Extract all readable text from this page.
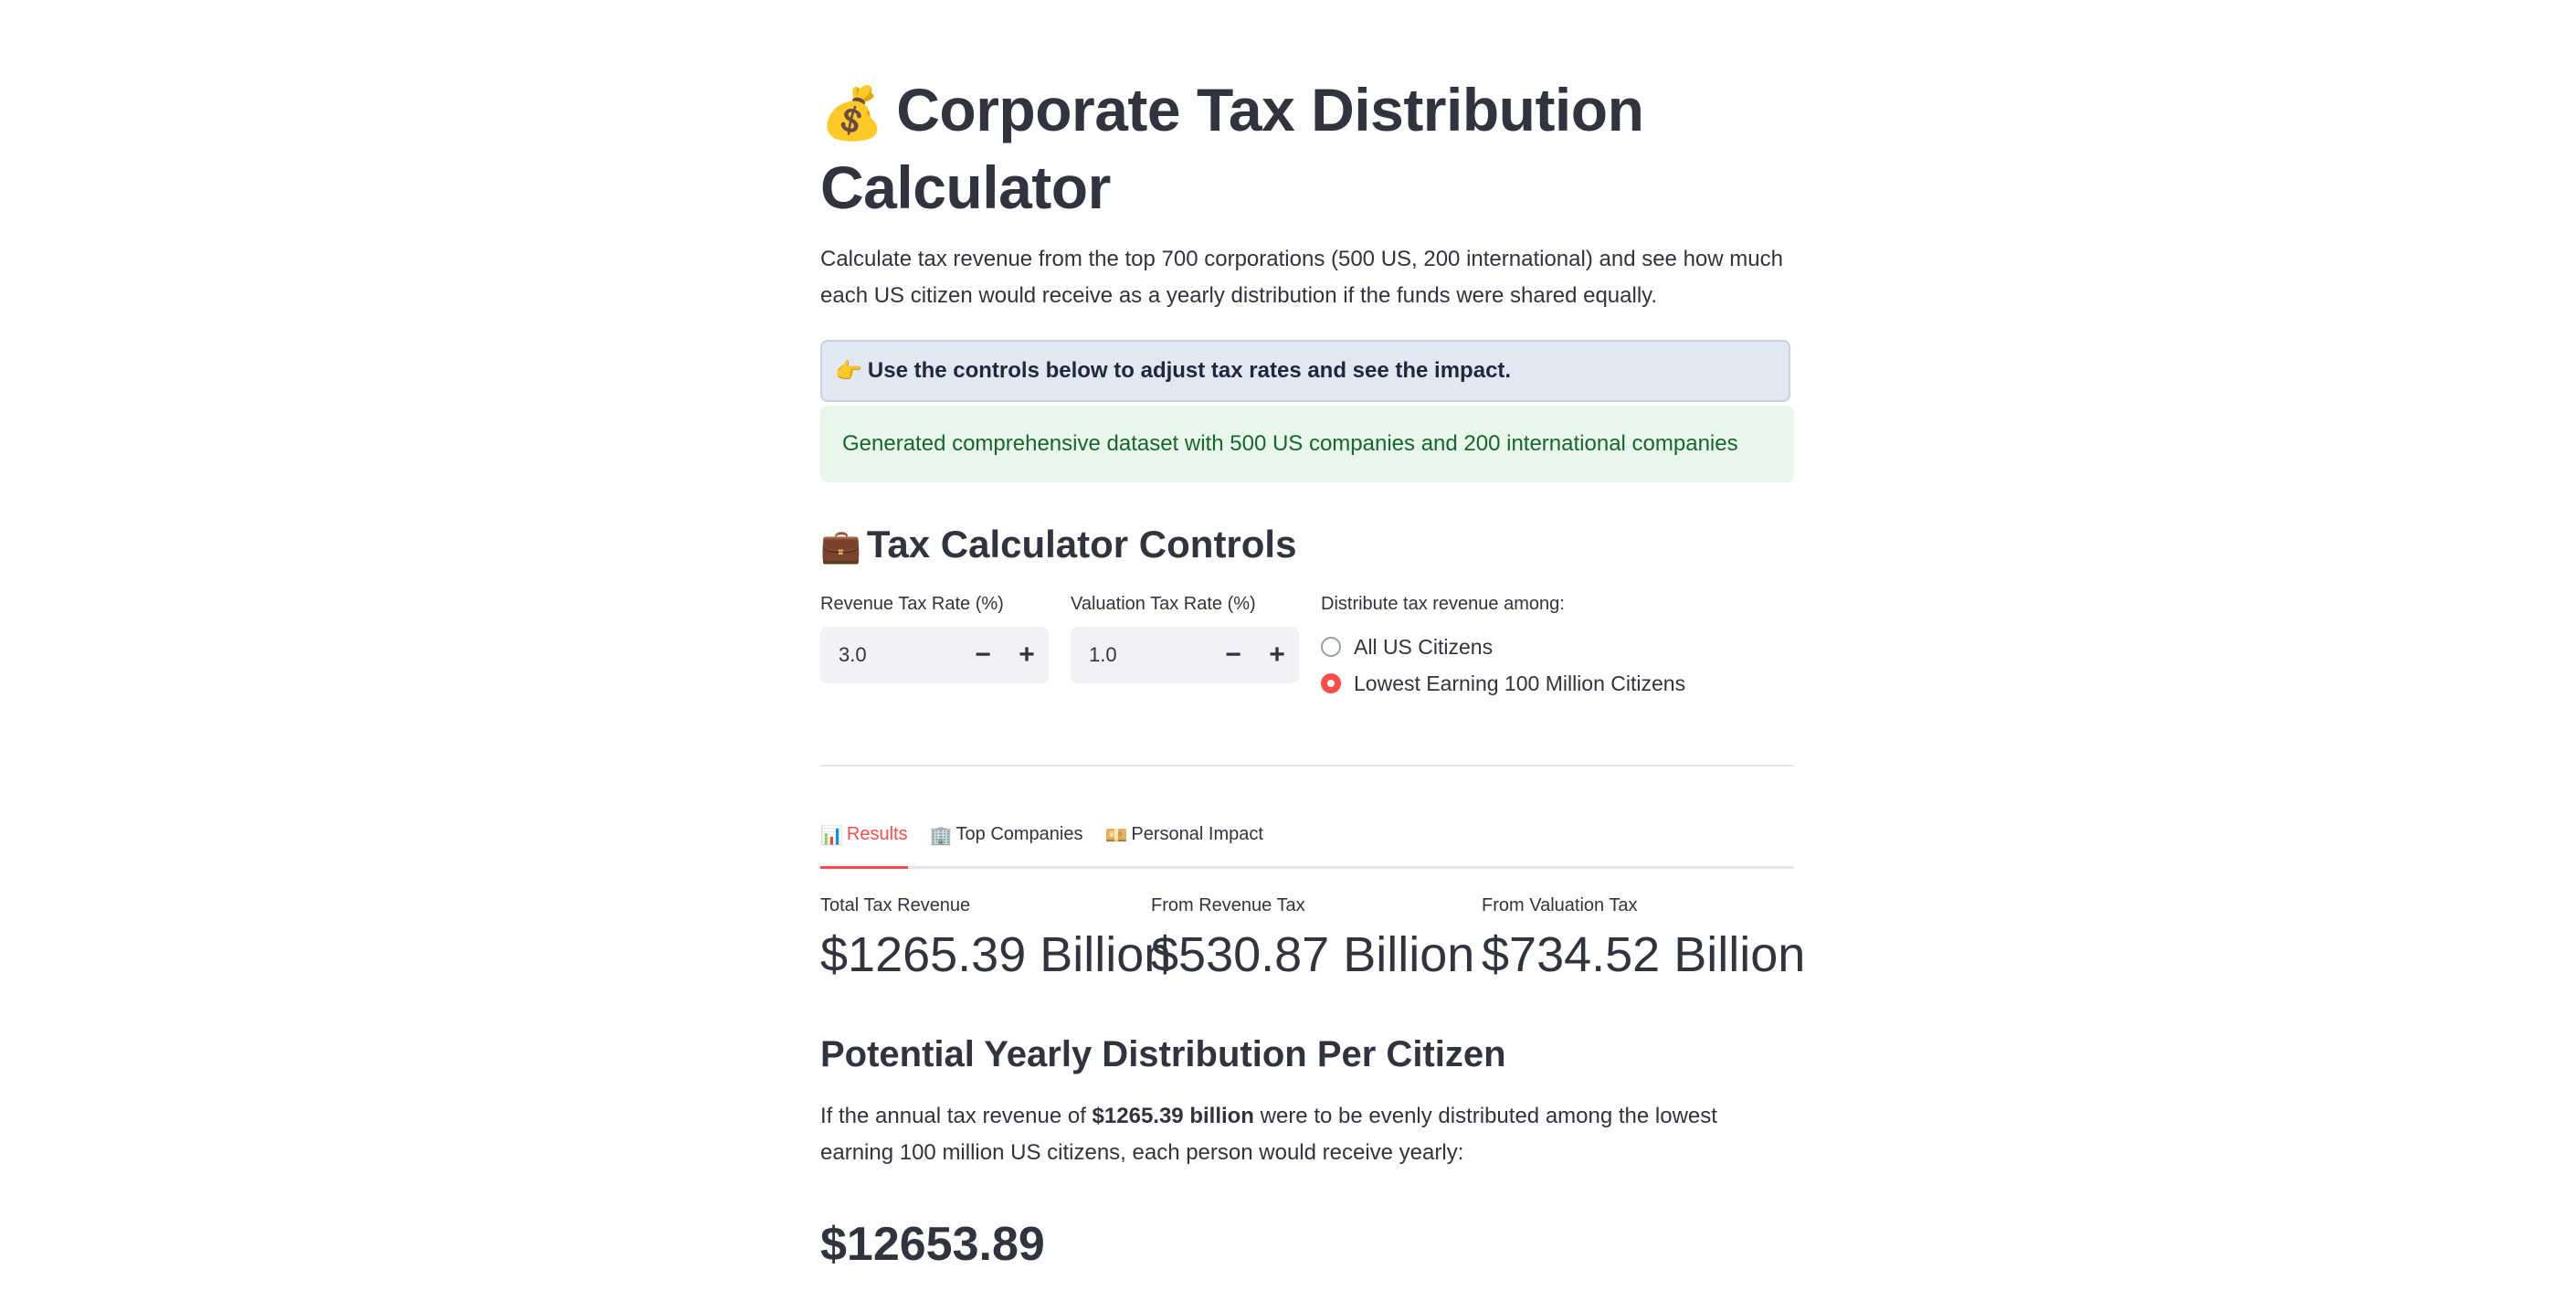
💰 Corporate Tax Distribution Calculator

Calculate tax revenue from the top 700 corporations (500 US, 200 international) and see how much each US citizen would receive as a yearly distribution if the funds were shared equally.

👉 Use the controls below to adjust tax rates and see the impact.
Generated comprehensive dataset with 500 US companies and 200 international companies
💼 Tax Calculator Controls
Revenue Tax Rate (%)
3.0	−	+
Valuation Tax Rate (%)
1.0	−	+
Distribute tax revenue among:
All US Citizens
Lowest Earning 100 Million Citizens
📊 Results 🏢 Top Companies 💴 Personal Impact
Total Tax Revenue
$1265.39 Billion
From Revenue Tax
$530.87 Billion
From Valuation Tax
$734.52 Billion
Potential Yearly Distribution Per Citizen

If the annual tax revenue of $1265.39 billion were to be evenly distributed among the lowest earning 100 million US citizens, each person would receive yearly:

$12653.89
